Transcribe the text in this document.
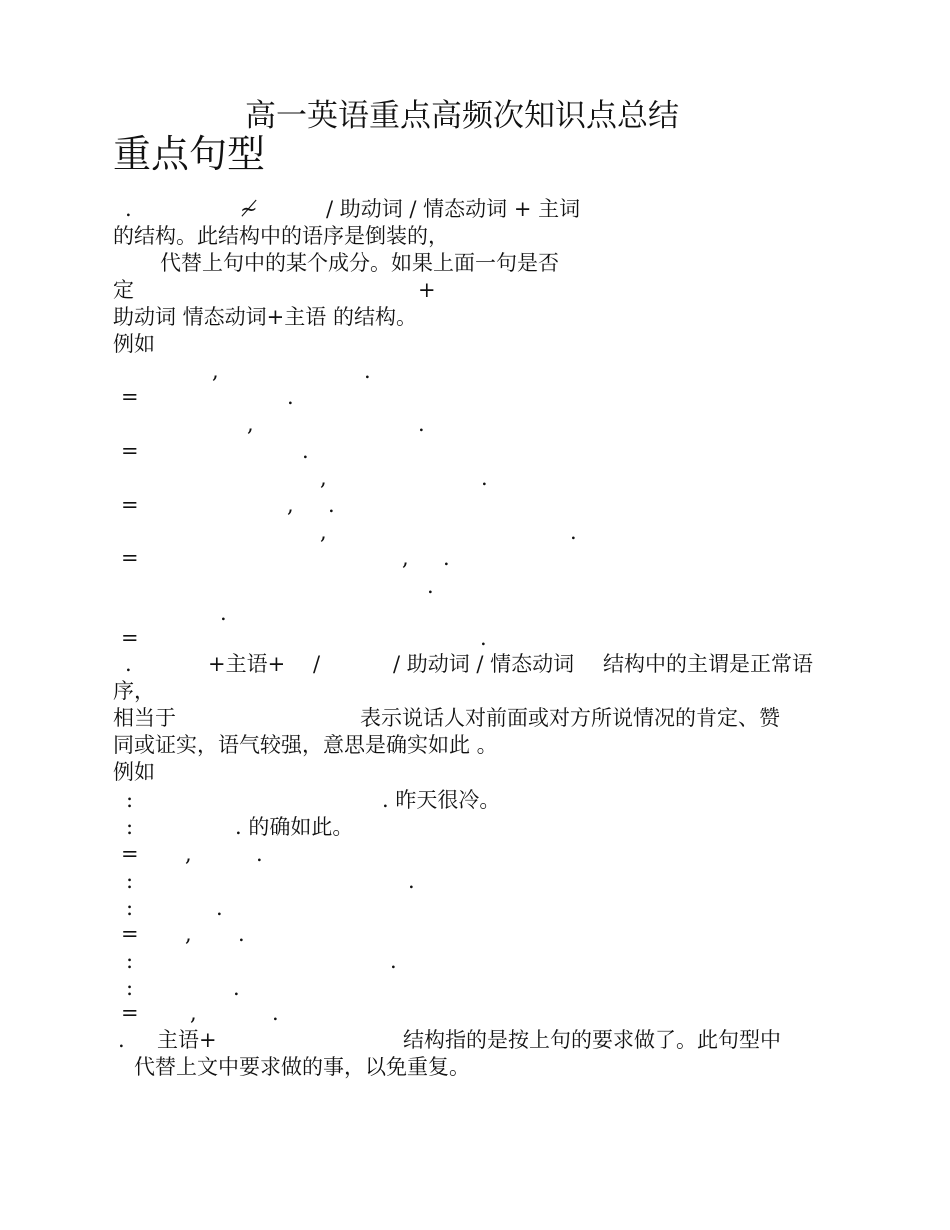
高一英语重点高频次知识点总结
重点句型
.	≁	/ 助动词 / 情态动词 + 主词
的结构。此结构中的语序是倒装的，
代替上句中的某个成分。如果上面一句是否
定	+
助动词 情态动词+主语 的结构。
例如
,	.
=	.
,	.
=	.
,	.
=	, .
,	.
=	, .
.
.
=	.
.	+主语+ /	/ 助动词 / 情态动词 结构中的主谓是正常语
序，
相当于	表示说话人对前面或对方所说情况的肯定、赞
同或证实，语气较强，意思是确实如此 。
例如
:	. 昨天很冷。
:	. 的确如此。
= ,	.
:	.
:	.
= , .
:	.
:	.
= ,	.
. 主语+	结构指的是按上句的要求做了。此句型中
代替上文中要求做的事，以免重复。
